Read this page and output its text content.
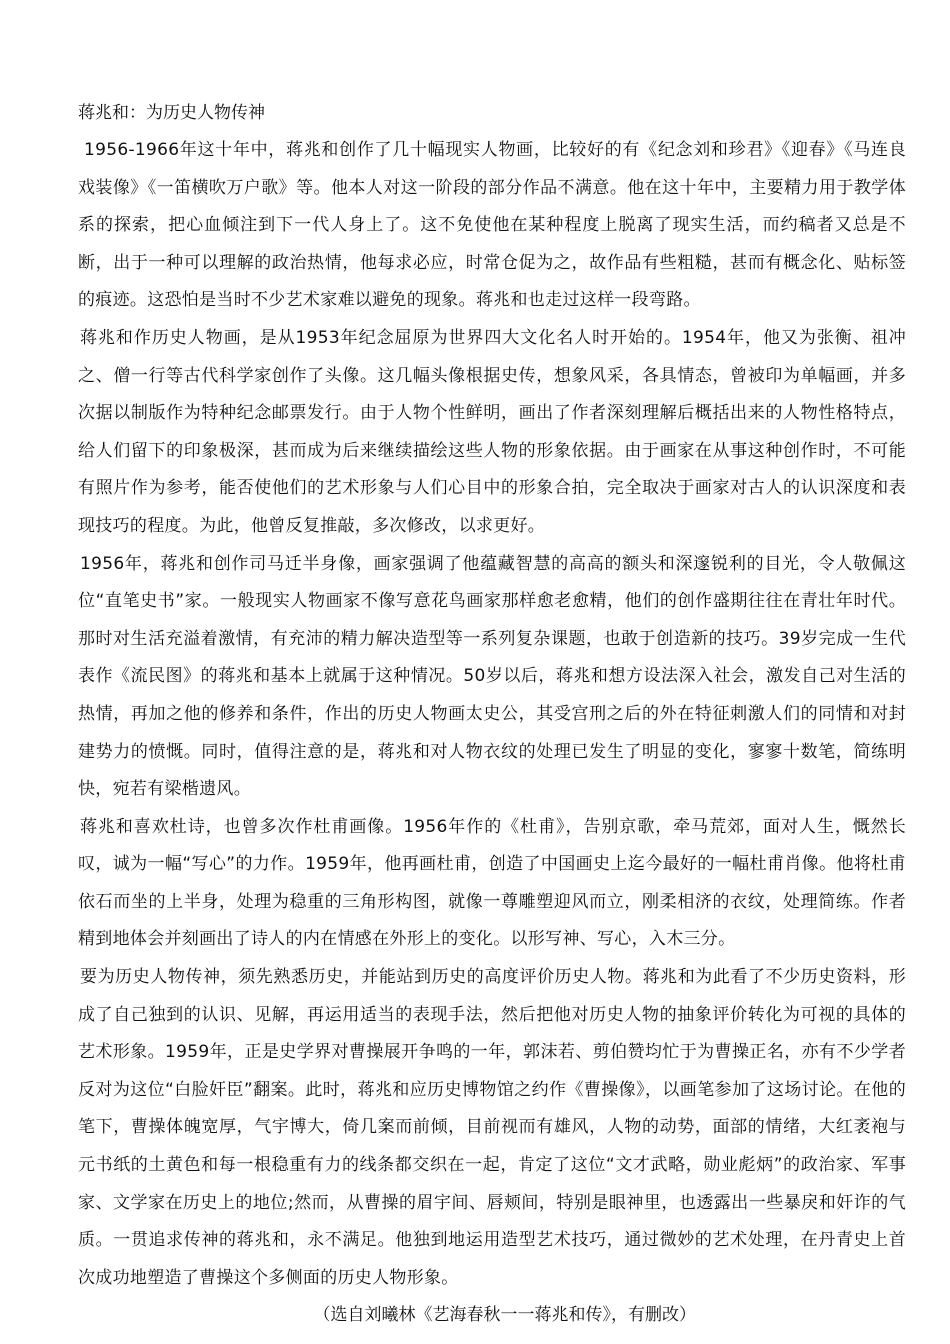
蒋兆和：为历史人物传神

1956-1966年这十年中，蒋兆和创作了几十幅现实人物画，比较好的有《纪念刘和珍君》《迎春》《马连良戏装像》《一笛横吹万户歌》等。他本人对这一阶段的部分作品不满意。他在这十年中，主要精力用于教学体系的探索，把心血倾注到下一代人身上了。这不免使他在某种程度上脱离了现实生活，而约稿者又总是不断，出于一种可以理解的政治热情，他每求必应，时常仓促为之，故作品有些粗糙，甚而有概念化、贴标签的痕迹。这恐怕是当时不少艺术家难以避免的现象。蒋兆和也走过这样一段弯路。

蒋兆和作历史人物画，是从1953年纪念屈原为世界四大文化名人时开始的。1954年，他又为张衡、祖冲之、僧一行等古代科学家创作了头像。这几幅头像根据史传，想象风采，各具情态，曾被印为单幅画，并多次据以制版作为特种纪念邮票发行。由于人物个性鲜明，画出了作者深刻理解后概括出来的人物性格特点，给人们留下的印象极深，甚而成为后来继续描绘这些人物的形象依据。由于画家在从事这种创作时，不可能有照片作为参考，能否使他们的艺术形象与人们心目中的形象合拍，完全取决于画家对古人的认识深度和表现技巧的程度。为此，他曾反复推敲，多次修改，以求更好。

1956年，蒋兆和创作司马迁半身像，画家强调了他蕴藏智慧的高高的额头和深邃锐利的目光，令人敬佩这位“直笔史书”家。一般现实人物画家不像写意花鸟画家那样愈老愈精，他们的创作盛期往往在青壮年时代。那时对生活充溢着激情，有充沛的精力解决造型等一系列复杂课题，也敢于创造新的技巧。39岁完成一生代表作《流民图》的蒋兆和基本上就属于这种情况。50岁以后，蒋兆和想方设法深入社会，激发自己对生活的热情，再加之他的修养和条件，作出的历史人物画太史公，其受宫刑之后的外在特征刺激人们的同情和对封建势力的愤慨。同时，值得注意的是，蒋兆和对人物衣纹的处理已发生了明显的变化，寥寥十数笔，简练明快，宛若有梁楷遗风。

蒋兆和喜欢杜诗，也曾多次作杜甫画像。1956年作的《杜甫》，告别京歌，牵马荒郊，面对人生，慨然长叹，诚为一幅“写心”的力作。1959年，他再画杜甫，创造了中国画史上迄今最好的一幅杜甫肖像。他将杜甫依石而坐的上半身，处理为稳重的三角形构图，就像一尊雕塑迎风而立，刚柔相济的衣纹，处理简练。作者精到地体会并刻画出了诗人的内在情感在外形上的变化。以形写神、写心，入木三分。

要为历史人物传神，须先熟悉历史，并能站到历史的高度评价历史人物。蒋兆和为此看了不少历史资料，形成了自己独到的认识、见解，再运用适当的表现手法，然后把他对历史人物的抽象评价转化为可视的具体的艺术形象。1959年，正是史学界对曹操展开争鸣的一年，郭沫若、剪伯赞均忙于为曹操正名，亦有不少学者反对为这位“白脸奸臣”翻案。此时，蒋兆和应历史博物馆之约作《曹操像》，以画笔参加了这场讨论。在他的笔下，曹操体魄宽厚，气宇博大，倚几案而前倾，目前视而有雄风，人物的动势，面部的情绪，大红袤袍与元书纸的土黄色和每一根稳重有力的线条都交织在一起，肯定了这位“文才武略，勋业彪炳”的政治家、军事家、文学家在历史上的地位;然而，从曹操的眉宇间、唇颊间，特别是眼神里，也透露出一些暴戾和奸诈的气质。一贯追求传神的蒋兆和，永不满足。他独到地运用造型艺术技巧，通过微妙的艺术处理，在丹青史上首次成功地塑造了曹操这个多侧面的历史人物形象。

（选自刘曦林《艺海春秋一一蒋兆和传》，有删改）
